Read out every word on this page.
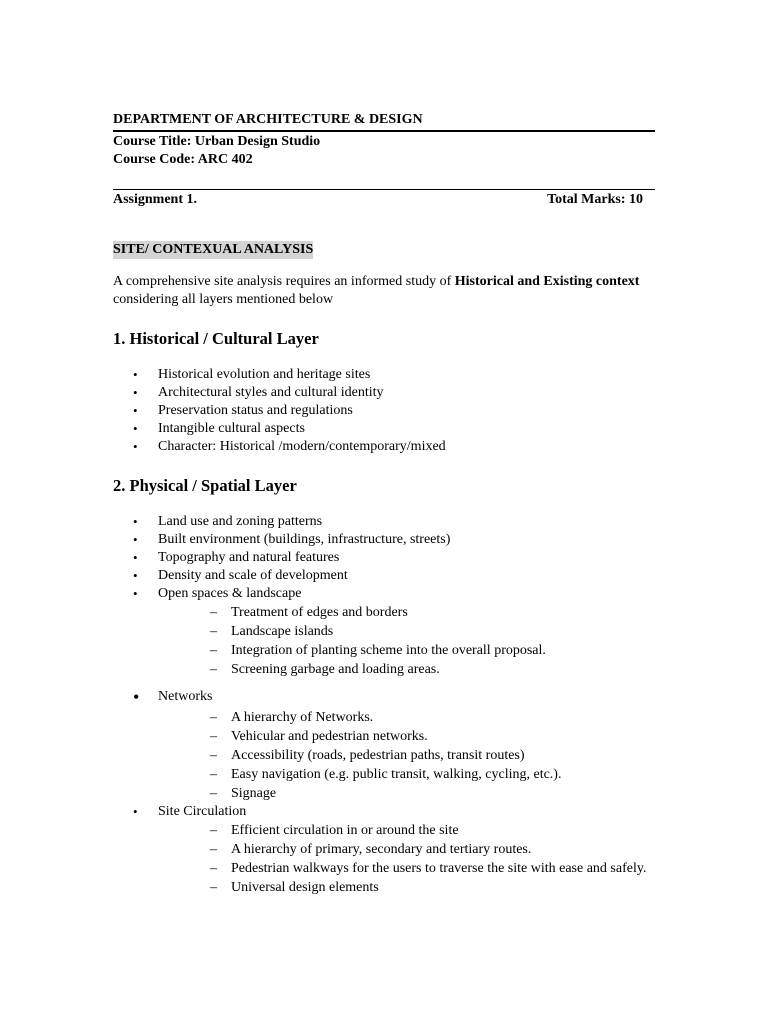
DEPARTMENT OF ARCHITECTURE & DESIGN
Course Title: Urban Design Studio
Course Code: ARC 402
Assignment 1.	Total Marks: 10
SITE/ CONTEXUAL ANALYSIS
A comprehensive site analysis requires an informed study of Historical and Existing context considering all layers mentioned below
1. Historical / Cultural Layer
• Historical evolution and heritage sites
• Architectural styles and cultural identity
• Preservation status and regulations
• Intangible cultural aspects
• Character: Historical /modern/contemporary/mixed
2. Physical / Spatial Layer
• Land use and zoning patterns
• Built environment (buildings, infrastructure, streets)
• Topography and natural features
• Density and scale of development
• Open spaces & landscape
– Treatment of edges and borders
– Landscape islands
– Integration of planting scheme into the overall proposal.
– Screening garbage and loading areas.
• Networks
– A hierarchy of Networks.
– Vehicular and pedestrian networks.
– Accessibility (roads, pedestrian paths, transit routes)
– Easy navigation (e.g. public transit, walking, cycling, etc.).
– Signage
• Site Circulation
– Efficient circulation in or around the site
– A hierarchy of primary, secondary and tertiary routes.
– Pedestrian walkways for the users to traverse the site with ease and safely.
– Universal design elements
